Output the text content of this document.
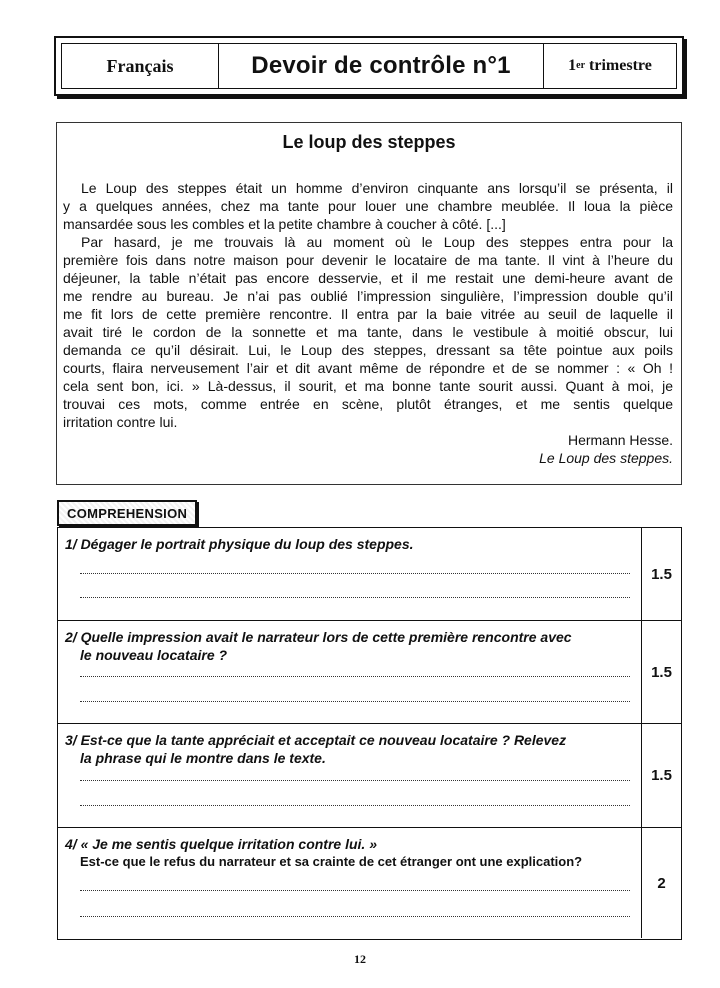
Français	Devoir de contrôle n°1	1er
trimestre
Le loup des steppes
Le Loup des steppes était un homme d’environ cinquante ans lorsqu’il se présenta, il
y a quelques années, chez ma tante pour louer une chambre meublée. Il loua la pièce
mansardée sous les combles et la petite chambre à coucher à côté. [...]
Par hasard, je me trouvais là au moment où le Loup des steppes entra pour la
première fois dans notre maison pour devenir le locataire de ma tante. Il vint à l’heure du
déjeuner, la table n’était pas encore desservie, et il me restait une demi-heure avant de
me rendre au bureau. Je n’ai pas oublié l’impression singulière, l’impression double qu’il
me fit lors de cette première rencontre. Il entra par la baie vitrée au seuil de laquelle il
avait tiré le cordon de la sonnette et ma tante, dans le vestibule à moitié obscur, lui
demanda ce qu’il désirait. Lui, le Loup des steppes, dressant sa tête pointue aux poils
courts, flaira nerveusement l’air et dit avant même de répondre et de se nommer : « Oh !
cela sent bon, ici. » Là-dessus, il sourit, et ma bonne tante sourit aussi. Quant à moi, je
trouvai ces mots, comme entrée en scène, plutôt étranges, et me sentis quelque
irritation contre lui.
Hermann Hesse.
Le Loup des steppes.
COMPREHENSION
1/ Dégager le portrait physique du loup des steppes.
1.5
2/ Quelle impression avait le narrateur lors de cette première rencontre avec
le nouveau locataire ?
1.5
3/ Est-ce que la tante appréciait et acceptait ce nouveau locataire ? Relevez
la phrase qui le montre dans le texte.
1.5
4/ « Je me sentis quelque irritation contre lui. »
Est-ce que le refus du narrateur et sa crainte de cet étranger ont une explication?
2
12
